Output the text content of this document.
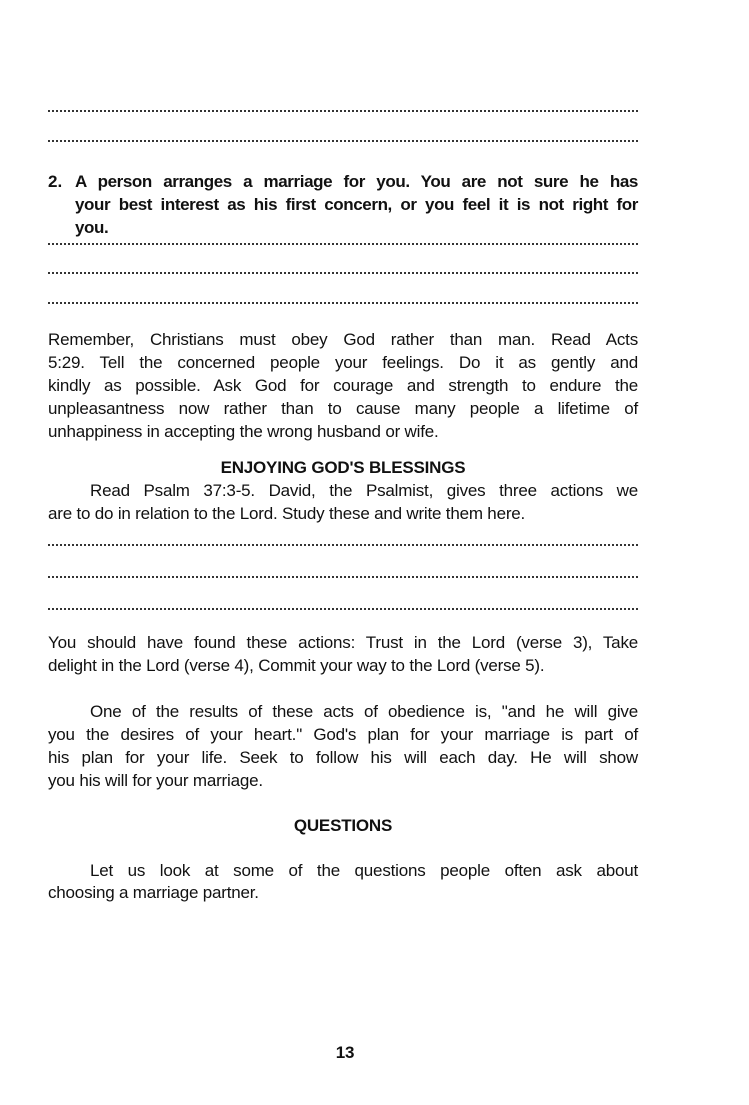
2. A person arranges a marriage for you. You are not sure he has
your best interest as his first concern, or you feel it is not right for
you.
Remember, Christians must obey God rather than man. Read Acts
5:29. Tell the concerned people your feelings. Do it as gently and
kindly as possible. Ask God for courage and strength to endure the
unpleasantness now rather than to cause many people a lifetime of
unhappiness in accepting the wrong husband or wife.
ENJOYING GOD'S BLESSINGS
Read Psalm 37:3-5. David, the Psalmist, gives three actions we
are to do in relation to the Lord. Study these and write them here.
You should have found these actions: Trust in the Lord (verse 3), Take
delight in the Lord (verse 4), Commit your way to the Lord (verse 5).
One of the results of these acts of obedience is, "and he will give
you the desires of your heart." God's plan for your marriage is part of
his plan for your life. Seek to follow his will each day. He will show
you his will for your marriage.
QUESTIONS
Let us look at some of the questions people often ask about
choosing a marriage partner.
13
